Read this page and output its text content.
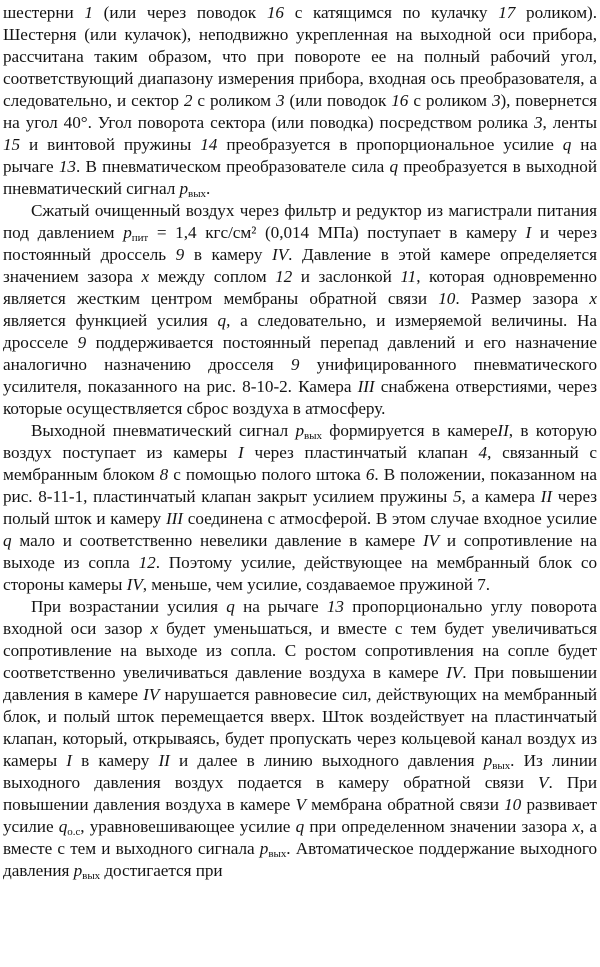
шестерни 1 (или через поводок 16 с катящимся по кулачку 17 роликом). Шестерня (или кулачок), неподвижно укрепленная на выходной оси прибора, рассчитана таким образом, что при повороте ее на полный рабочий угол, соответствующий диапазону измерения прибора, входная ось преобразователя, а следовательно, и сектор 2 с роликом 3 (или поводок 16 с роликом 3), повернется на угол 40°. Угол поворота сектора (или поводка) посредством ролика 3, ленты 15 и винтовой пружины 14 преобразуется в пропорциональное усилие q на рычаге 13. В пневматическом преобразователе сила q преобразуется в выходной пневматический сигнал $p_{вых}$.

Сжатый очищенный воздух через фильтр и редуктор из магистрали питания под давлением $p_{пит} = 1,4$ кгс/см² (0,014 МПа) поступает в камеру I и через постоянный дроссель 9 в камеру IV. Давление в этой камере определяется значением зазора x между соплом 12 и заслонкой 11, которая одновременно является жестким центром мембраны обратной связи 10. Размер зазора x является функцией усилия q, а следовательно, и измеряемой величины. На дросселе 9 поддерживается постоянный перепад давлений и его назначение аналогично назначению дросселя 9 унифицированного пневматического усилителя, показанного на рис. 8-10-2. Камера III снабжена отверстиями, через которые осуществляется сброс воздуха в атмосферу.

Выходной пневматический сигнал $p_{вых}$ формируется в камереII, в которую воздух поступает из камеры I через пластинчатый клапан 4, связанный с мембранным блоком 8 с помощью полого штока 6. В положении, показанном на рис. 8-11-1, пластинчатый клапан закрыт усилием пружины 5, а камера II через полый шток и камеру III соединена с атмосферой. В этом случае входное усилие q мало и соответственно невелики давление в камере IV и сопротивление на выходе из сопла 12. Поэтому усилие, действующее на мембранный блок со стороны камеры IV, меньше, чем усилие, создаваемое пружиной 7.

При возрастании усилия q на рычаге 13 пропорционально углу поворота входной оси зазор x будет уменьшаться, и вместе с тем будет увеличиваться сопротивление на выходе из сопла. С ростом сопротивления на сопле будет соответственно увеличиваться давление воздуха в камере IV. При повышении давления в камере IV нарушается равновесие сил, действующих на мембранный блок, и полый шток перемещается вверх. Шток воздействует на пластинчатый клапан, который, открываясь, будет пропускать через кольцевой канал воздух из камеры I в камеру II и далее в линию выходного давления $p_{вых}$. Из линии выходного давления воздух подается в камеру обратной связи V. При повышении давления воздуха в камере V мембрана обратной связи 10 развивает усилие $q_{о.с}$, уравновешивающее усилие q при определенном значении зазора x, а вместе с тем и выходного сигнала $p_{вых}$. Автоматическое поддержание выходного давления $p_{вых}$ достигается при
